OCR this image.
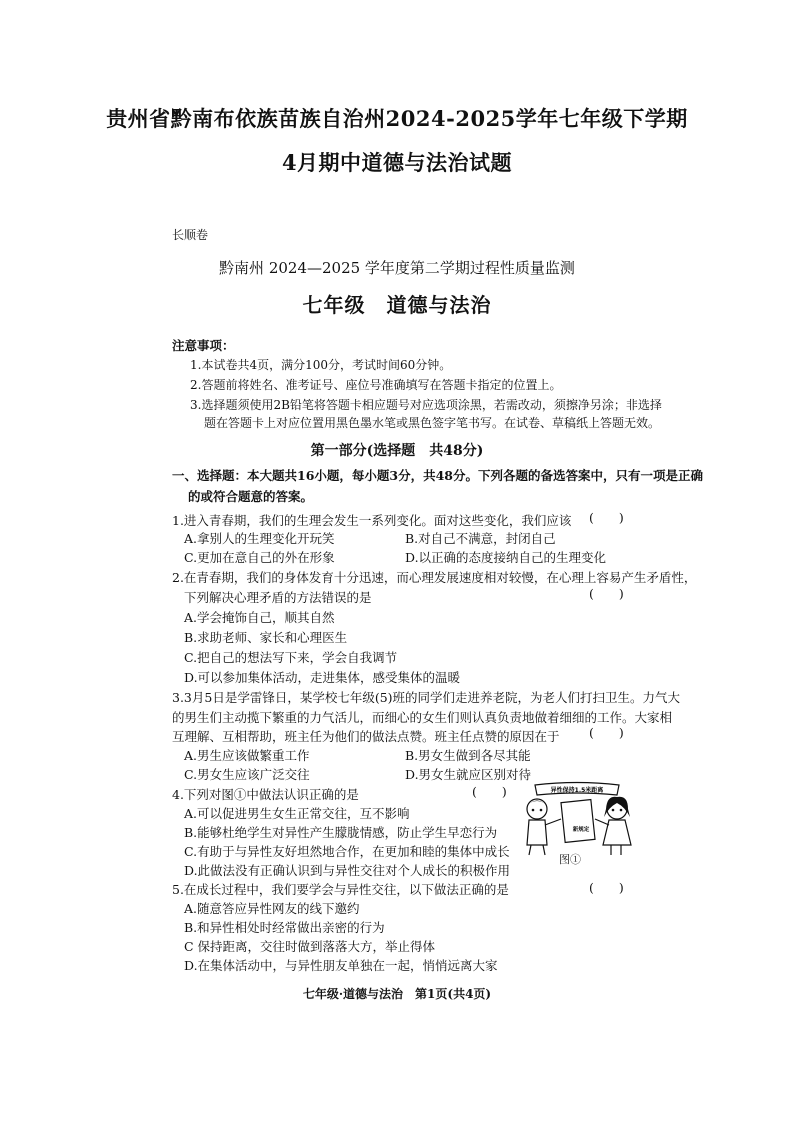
贵州省黔南布依族苗族自治州2024-2025学年七年级下学期
4月期中道德与法治试题
长顺卷
黔南州 2024—2025 学年度第二学期过程性质量监测
七年级　道德与法治
注意事项：
1.本试卷共4页，满分100分，考试时间60分钟。
2.答题前将姓名、准考证号、座位号准确填写在答题卡指定的位置上。
3.选择题须使用2B铅笔将答题卡相应题号对应选项涂黑，若需改动，须擦净另涂；非选择
题在答题卡上对应位置用黑色墨水笔或黑色签字笔书写。在试卷、草稿纸上答题无效。
第一部分(选择题　共48分)
一、选择题：本大题共16小题，每小题3分，共48分。下列各题的备选答案中，只有一项是正确
的或符合题意的答案。
1.进入青春期，我们的生理会发生一系列变化。面对这些变化，我们应该 (　　)
A.拿别人的生理变化开玩笑	B.对自己不满意，封闭自己
C.更加在意自己的外在形象	D.以正确的态度接纳自己的生理变化
2.在青春期，我们的身体发育十分迅速，而心理发展速度相对较慢，在心理上容易产生矛盾性，
下列解决心理矛盾的方法错误的是	(　　)
A.学会掩饰自己，顺其自然
B.求助老师、家长和心理医生
C.把自己的想法写下来，学会自我调节
D.可以参加集体活动，走进集体，感受集体的温暖
3.3月5日是学雷锋日，某学校七年级(5)班的同学们走进养老院，为老人们打扫卫生。力气大
的男生们主动揽下繁重的力气活儿，而细心的女生们则认真负责地做着细细的工作。大家相
互理解、互相帮助，班主任为他们的做法点赞。班主任点赞的原因在于 (　　)
A.男生应该做繁重工作	B.男女生做到各尽其能
C.男女生应该广泛交往	D.男女生就应区别对待
4.下列对图①中做法认识正确的是	(　　)
A.可以促进男生女生正常交往，互不影响
B.能够杜绝学生对异性产生朦胧情感，防止学生早恋行为
C.有助于与异性友好坦然地合作，在更加和睦的集体中成长
D.此做法没有正确认识到与异性交往对个人成长的积极作用
异性保持1.5米距离
新规定
图①
5.在成长过程中，我们要学会与异性交往，以下做法正确的是	(　　)
A.随意答应异性网友的线下邀约
B.和异性相处时经常做出亲密的行为
C 保持距离，交往时做到落落大方，举止得体
D.在集体活动中，与异性朋友单独在一起，悄悄远离大家
七年级·道德与法治　第1页(共4页)
